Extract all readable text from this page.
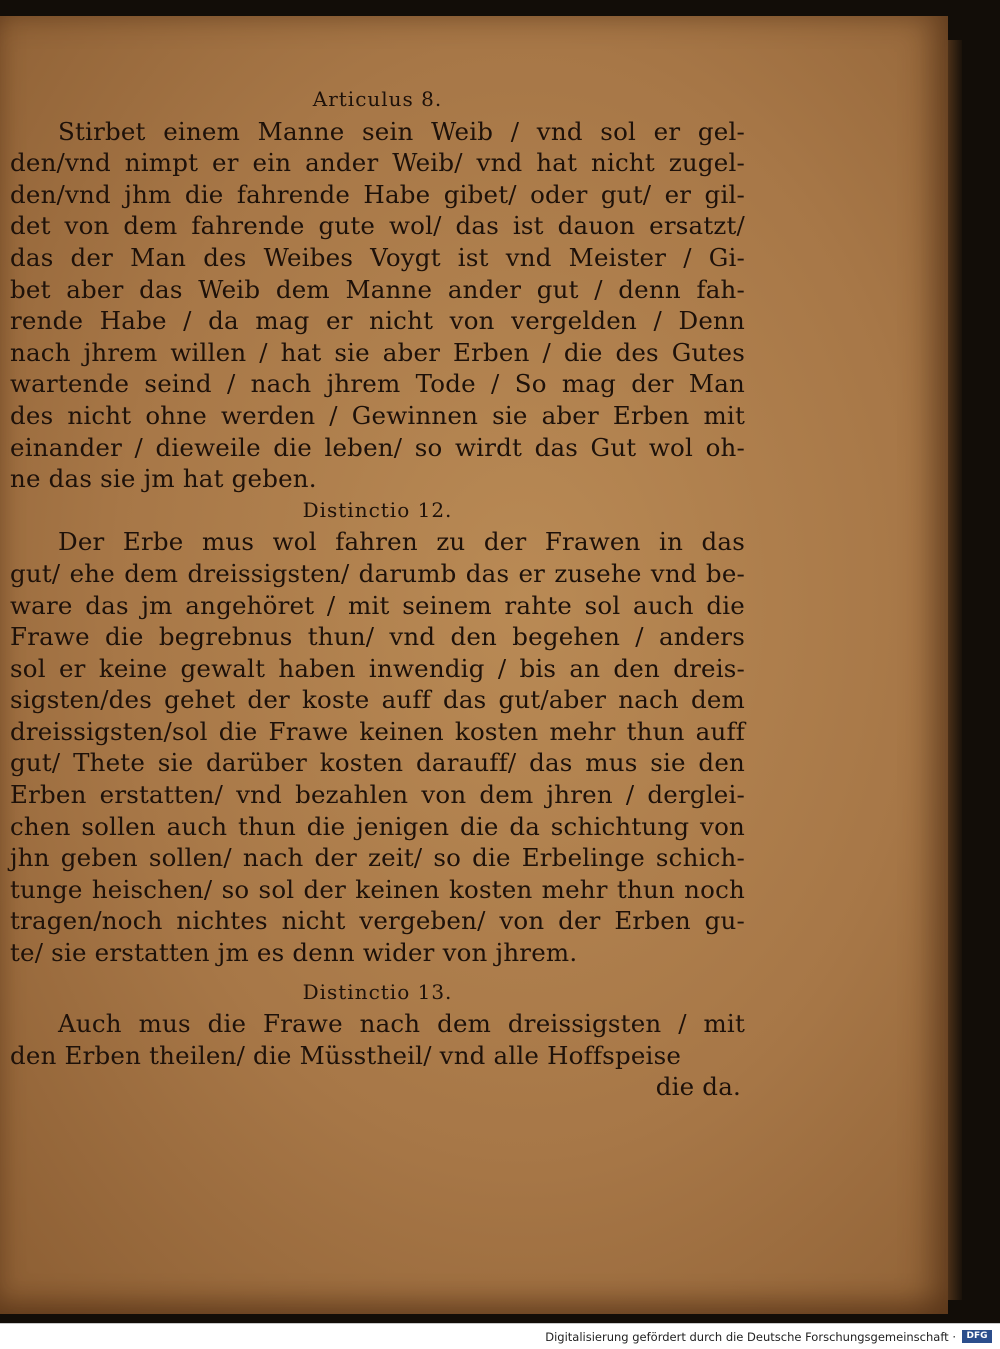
Articulus 8.
Stirbet einem Manne sein Weib / vnd sol er gel-
den/vnd nimpt er ein ander Weib/ vnd hat nicht zugel-
den/vnd jhm die fahrende Habe gibet/ oder gut/ er gil-
det von dem fahrende gute wol/ das ist dauon ersatzt/
das der Man des Weibes Voygt ist vnd Meister / Gi-
bet aber das Weib dem Manne ander gut / denn fah-
rende Habe / da mag er nicht von vergelden / Denn
nach jhrem willen / hat sie aber Erben / die des Gutes
wartende seind / nach jhrem Tode / So mag der Man
des nicht ohne werden / Gewinnen sie aber Erben mit
einander / dieweile die leben/ so wirdt das Gut wol oh-
ne das sie jm hat geben.
Distinctio 12.
Der Erbe mus wol fahren zu der Frawen in das
gut/ ehe dem dreissigsten/ darumb das er zusehe vnd be-
ware das jm angehöret / mit seinem rahte sol auch die
Frawe die begrebnus thun/ vnd den begehen / anders
sol er keine gewalt haben inwendig / bis an den dreis-
sigsten/des gehet der koste auff das gut/aber nach dem
dreissigsten/sol die Frawe keinen kosten mehr thun auff
gut/ Thete sie darüber kosten darauff/ das mus sie den
Erben erstatten/ vnd bezahlen von dem jhren / derglei-
chen sollen auch thun die jenigen die da schichtung von
jhn geben sollen/ nach der zeit/ so die Erbelinge schich-
tunge heischen/ so sol der keinen kosten mehr thun noch
tragen/noch nichtes nicht vergeben/ von der Erben gu-
te/ sie erstatten jm es denn wider von jhrem.
Distinctio 13.
Auch mus die Frawe nach dem dreissigsten / mit
den Erben theilen/ die Müsstheil/ vnd alle Hoffspeise
die da.
Digitalisierung gefördert durch die Deutsche Forschungsgemeinschaft ·	DFG
